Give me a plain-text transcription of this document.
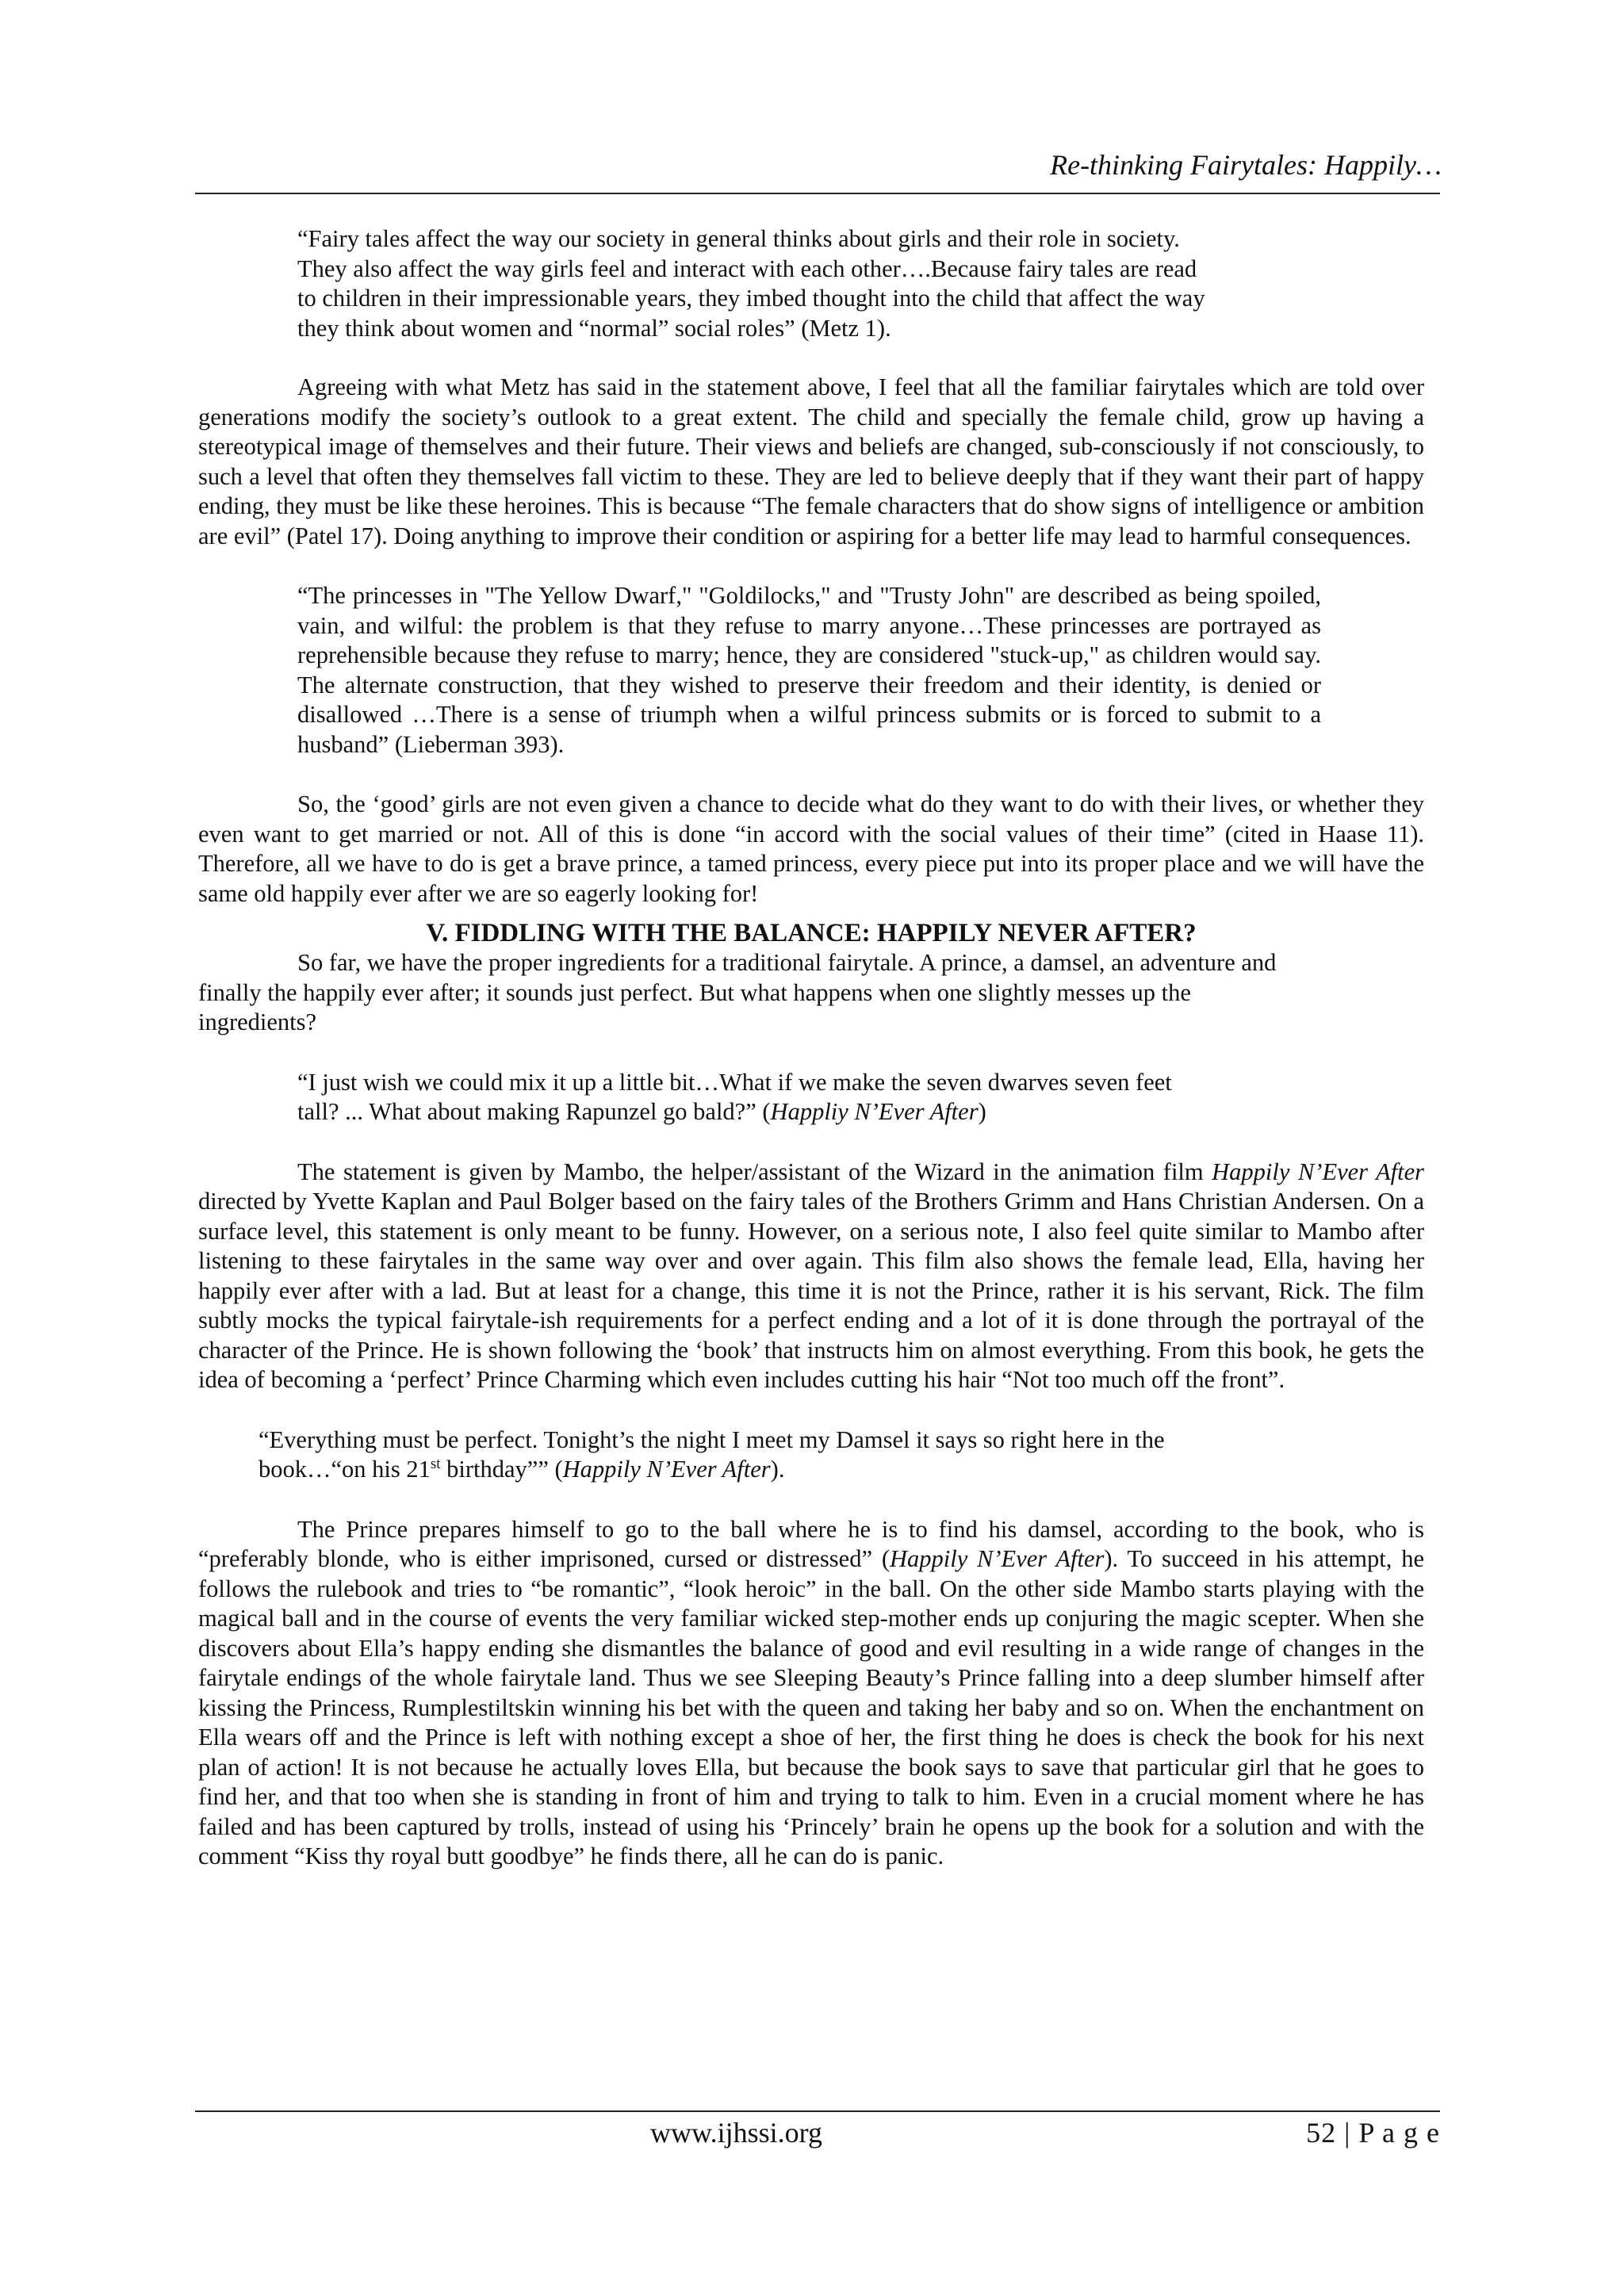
Re-thinking Fairytales: Happily…
“Fairy tales affect the way our society in general thinks about girls and their role in society.
They also affect the way girls feel and interact with each other….Because fairy tales are read
to children in their impressionable years, they imbed thought into the child that affect the way
they think about women and “normal” social roles” (Metz 1).

Agreeing with what Metz has said in the statement above, I feel that all the familiar fairytales which are told over generations modify the society’s outlook to a great extent. The child and specially the female child, grow up having a stereotypical image of themselves and their future. Their views and beliefs are changed, sub-consciously if not consciously, to such a level that often they themselves fall victim to these. They are led to believe deeply that if they want their part of happy ending, they must be like these heroines. This is because “The female characters that do show signs of intelligence or ambition are evil” (Patel 17). Doing anything to improve their condition or aspiring for a better life may lead to harmful consequences.

“The princesses in "The Yellow Dwarf," "Goldilocks," and "Trusty John" are described as being spoiled, vain, and wilful: the problem is that they refuse to marry anyone…These princesses are portrayed as reprehensible because they refuse to marry; hence, they are considered "stuck-up," as children would say. The alternate construction, that they wished to preserve their freedom and their identity, is denied or disallowed …There is a sense of triumph when a wilful princess submits or is forced to submit to a husband” (Lieberman 393).

So, the ‘good’ girls are not even given a chance to decide what do they want to do with their lives, or whether they even want to get married or not. All of this is done “in accord with the social values of their time” (cited in Haase 11). Therefore, all we have to do is get a brave prince, a tamed princess, every piece put into its proper place and we will have the same old happily ever after we are so eagerly looking for!

V. FIDDLING WITH THE BALANCE: HAPPILY NEVER AFTER?
So far, we have the proper ingredients for a traditional fairytale. A prince, a damsel, an adventure and
finally the happily ever after; it sounds just perfect. But what happens when one slightly messes up the
ingredients?
“I just wish we could mix it up a little bit…What if we make the seven dwarves seven feet
tall? ... What about making Rapunzel go bald?” (Happliy N’Ever After)

The statement is given by Mambo, the helper/assistant of the Wizard in the animation film Happily N’Ever After directed by Yvette Kaplan and Paul Bolger based on the fairy tales of the Brothers Grimm and Hans Christian Andersen. On a surface level, this statement is only meant to be funny. However, on a serious note, I also feel quite similar to Mambo after listening to these fairytales in the same way over and over again. This film also shows the female lead, Ella, having her happily ever after with a lad. But at least for a change, this time it is not the Prince, rather it is his servant, Rick. The film subtly mocks the typical fairytale-ish requirements for a perfect ending and a lot of it is done through the portrayal of the character of the Prince. He is shown following the ‘book’ that instructs him on almost everything. From this book, he gets the idea of becoming a ‘perfect’ Prince Charming which even includes cutting his hair “Not too much off the front”.

“Everything must be perfect. Tonight’s the night I meet my Damsel it says so right here in the
book…“on his 21st birthday”” (Happily N’Ever After).

The Prince prepares himself to go to the ball where he is to find his damsel, according to the book, who is “preferably blonde, who is either imprisoned, cursed or distressed” (Happily N’Ever After). To succeed in his attempt, he follows the rulebook and tries to “be romantic”, “look heroic” in the ball. On the other side Mambo starts playing with the magical ball and in the course of events the very familiar wicked step-mother ends up conjuring the magic scepter. When she discovers about Ella’s happy ending she dismantles the balance of good and evil resulting in a wide range of changes in the fairytale endings of the whole fairytale land. Thus we see Sleeping Beauty’s Prince falling into a deep slumber himself after kissing the Princess, Rumplestiltskin winning his bet with the queen and taking her baby and so on. When the enchantment on Ella wears off and the Prince is left with nothing except a shoe of her, the first thing he does is check the book for his next plan of action! It is not because he actually loves Ella, but because the book says to save that particular girl that he goes to find her, and that too when she is standing in front of him and trying to talk to him. Even in a crucial moment where he has failed and has been captured by trolls, instead of using his ‘Princely’ brain he opens up the book for a solution and with the comment “Kiss thy royal butt goodbye” he finds there, all he can do is panic.

www.ijhssi.org	52 | P a g e
